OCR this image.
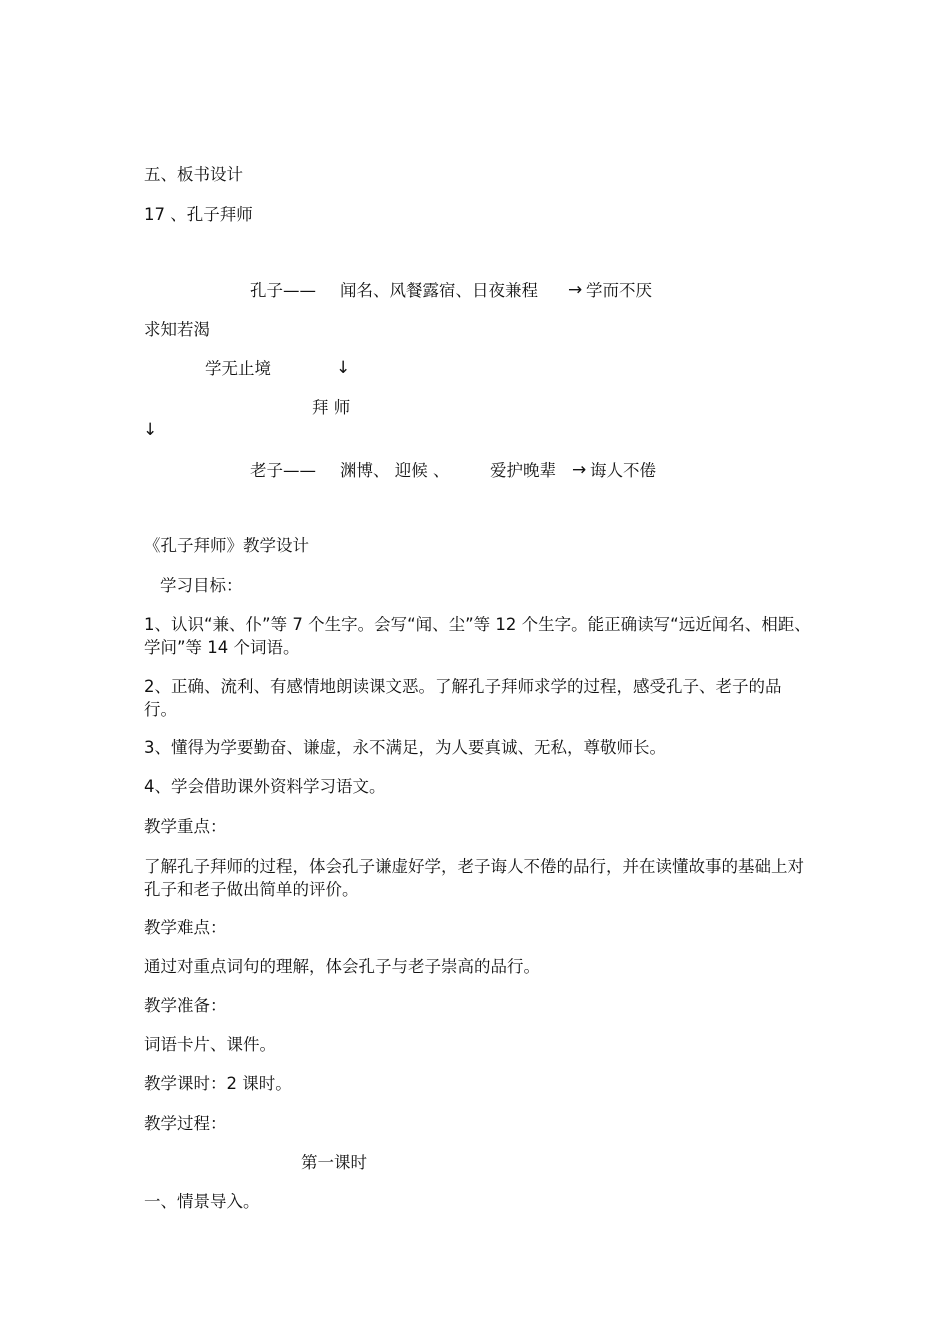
五、板书设计
17 、孔子拜师
孔子—— 闻名、风餐露宿、日夜兼程 → 学而不厌
求知若渴
学无止境	↓
拜 师
↓
老子—— 渊博、 迎候 、 爱护晚辈 → 诲人不倦
《孔子拜师》教学设计
学习目标：
1、认识“兼、仆”等 7 个生字。会写“闻、尘”等 12 个生字。能正确读写“远近闻名、相距、学问”等 14 个词语。
2、正确、流利、有感情地朗读课文恶。了解孔子拜师求学的过程，感受孔子、老子的品行。
3、懂得为学要勤奋、谦虚，永不满足，为人要真诚、无私，尊敬师长。
4、学会借助课外资料学习语文。
教学重点：
了解孔子拜师的过程，体会孔子谦虚好学，老子诲人不倦的品行，并在读懂故事的基础上对孔子和老子做出简单的评价。
教学难点：
通过对重点词句的理解，体会孔子与老子崇高的品行。
教学准备：
词语卡片、课件。
教学课时：2 课时。
教学过程：
第一课时
一、情景导入。
